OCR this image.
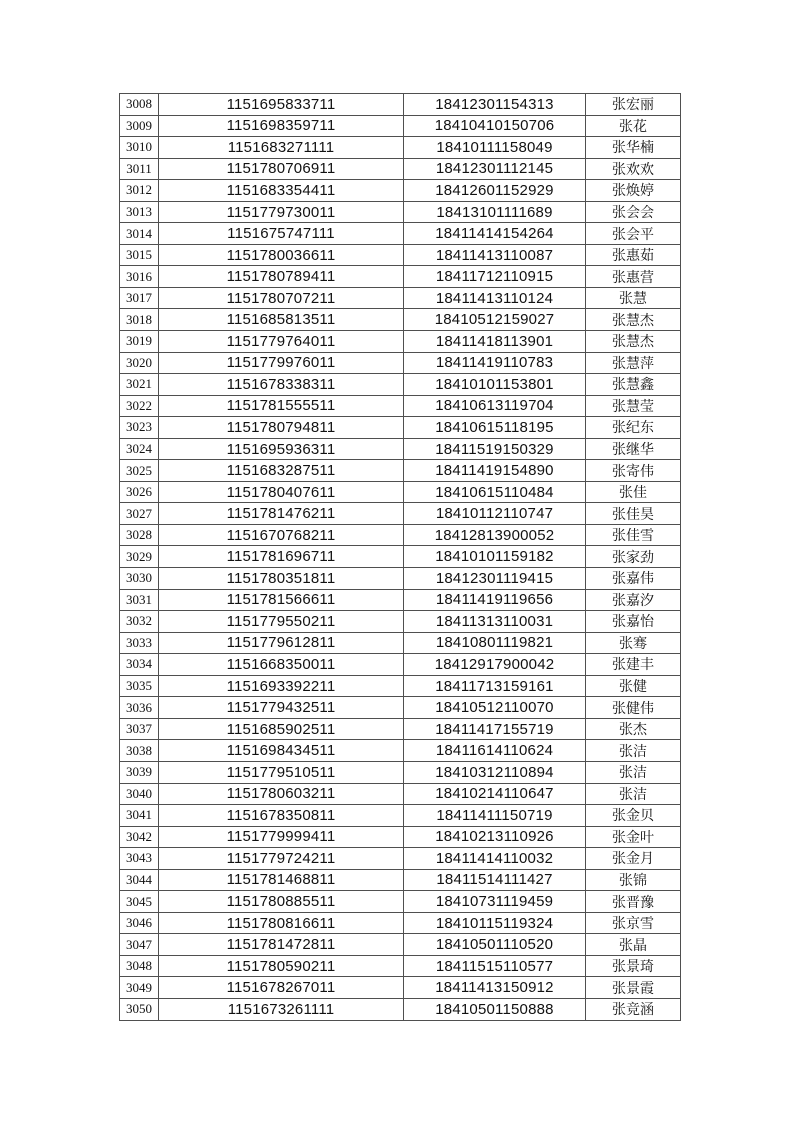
3008	1151695833711	18412301154313	张宏丽
3009	1151698359711	18410410150706	张花
3010	1151683271111	18410111158049	张华楠
3011	1151780706911	18412301112145	张欢欢
3012	1151683354411	18412601152929	张焕婷
3013	1151779730011	18413101111689	张会会
3014	1151675747111	18411414154264	张会平
3015	1151780036611	18411413110087	张惠茹
3016	1151780789411	18411712110915	张惠营
3017	1151780707211	18411413110124	张慧
3018	1151685813511	18410512159027	张慧杰
3019	1151779764011	18411418113901	张慧杰
3020	1151779976011	18411419110783	张慧萍
3021	1151678338311	18410101153801	张慧鑫
3022	1151781555511	18410613119704	张慧莹
3023	1151780794811	18410615118195	张纪东
3024	1151695936311	18411519150329	张继华
3025	1151683287511	18411419154890	张寄伟
3026	1151780407611	18410615110484	张佳
3027	1151781476211	18410112110747	张佳昊
3028	1151670768211	18412813900052	张佳雪
3029	1151781696711	18410101159182	张家劲
3030	1151780351811	18412301119415	张嘉伟
3031	1151781566611	18411419119656	张嘉汐
3032	1151779550211	18411313110031	张嘉怡
3033	1151779612811	18410801119821	张骞
3034	1151668350011	18412917900042	张建丰
3035	1151693392211	18411713159161	张健
3036	1151779432511	18410512110070	张健伟
3037	1151685902511	18411417155719	张杰
3038	1151698434511	18411614110624	张洁
3039	1151779510511	18410312110894	张洁
3040	1151780603211	18410214110647	张洁
3041	1151678350811	18411411150719	张金贝
3042	1151779999411	18410213110926	张金叶
3043	1151779724211	18411414110032	张金月
3044	1151781468811	18411514111427	张锦
3045	1151780885511	18410731119459	张晋豫
3046	1151780816611	18410115119324	张京雪
3047	1151781472811	18410501110520	张晶
3048	1151780590211	18411515110577	张景琦
3049	1151678267011	18411413150912	张景霞
3050	1151673261111	18410501150888	张竞涵
